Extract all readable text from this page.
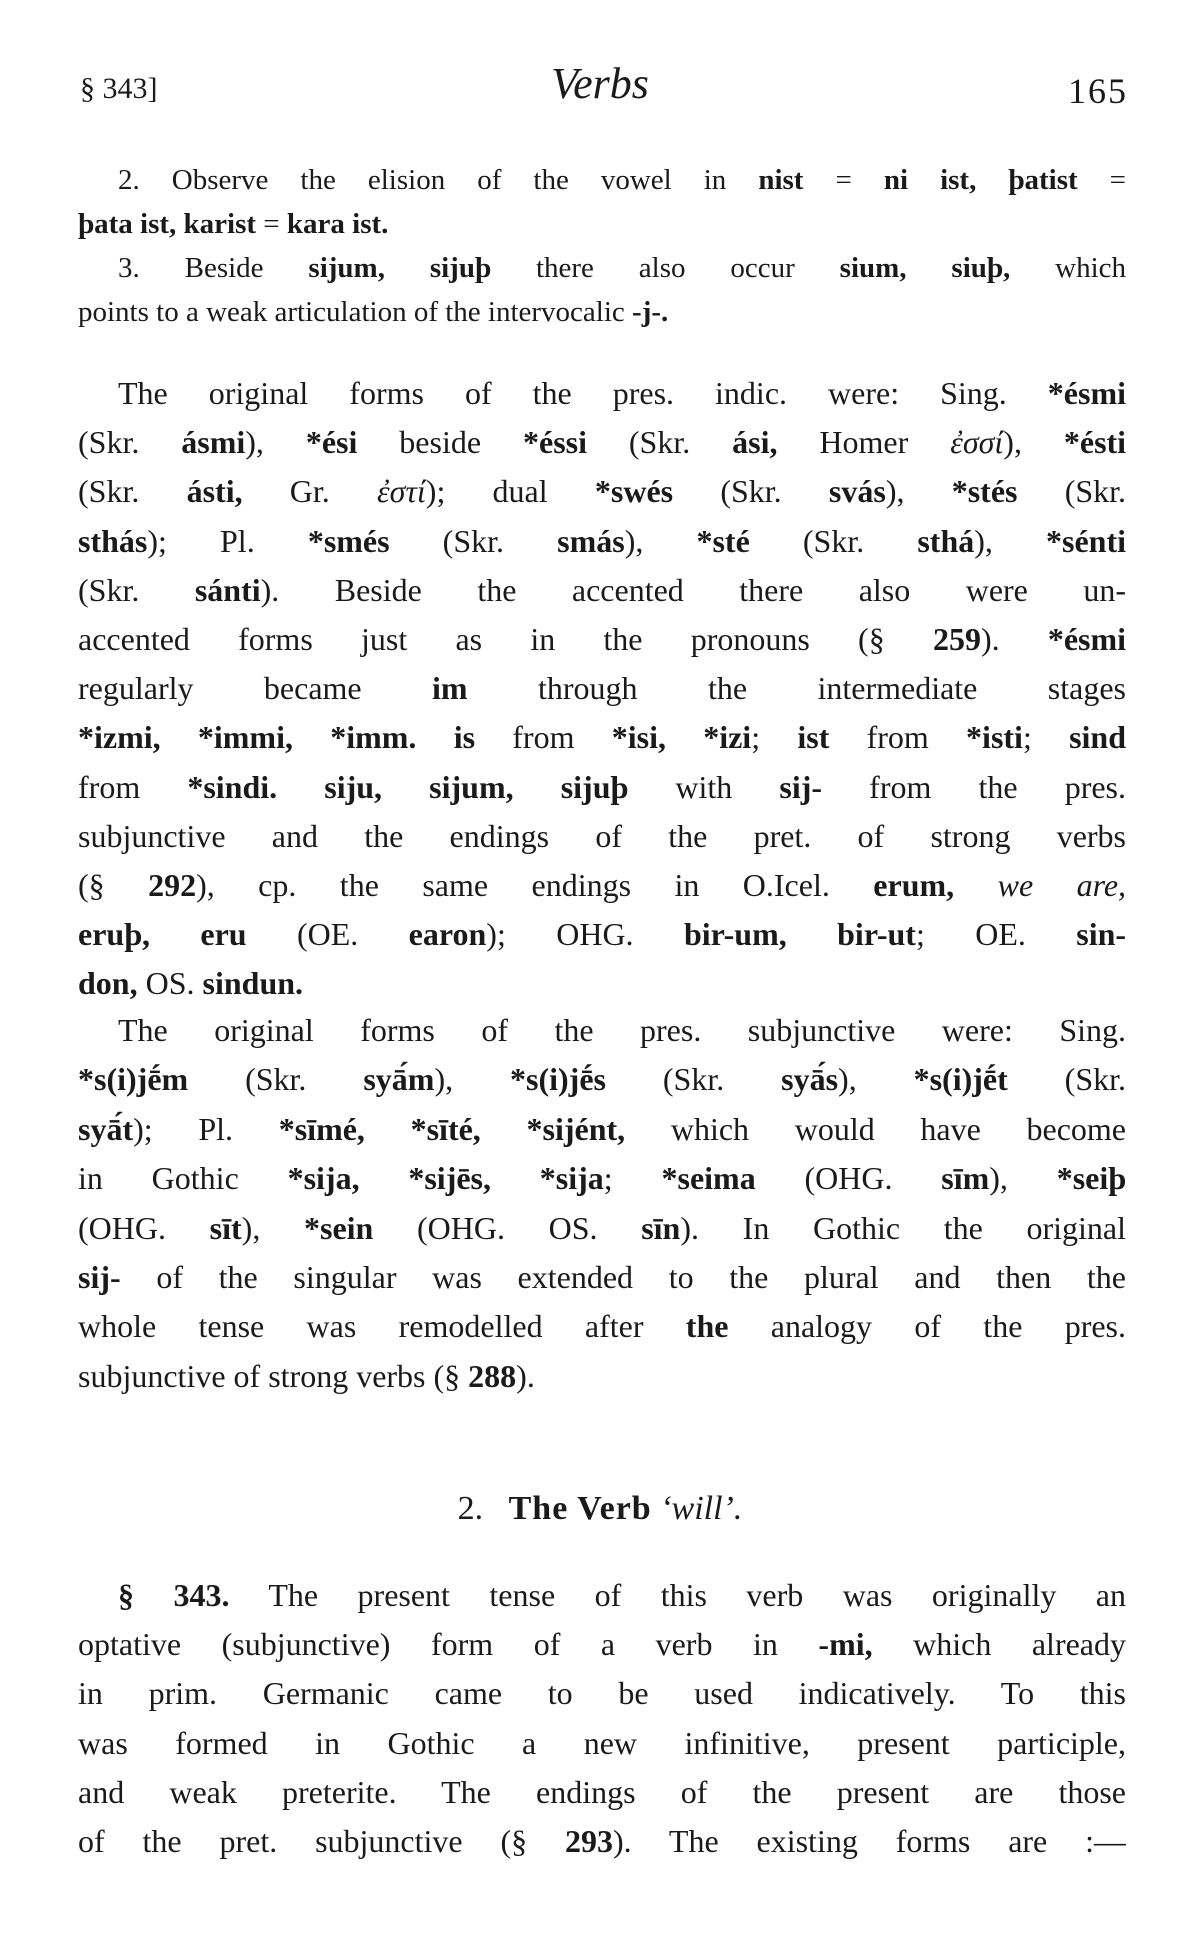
§ 343]	Verbs	165
2. Observe the elision of the vowel in nist = ni ist, þatist =
þata ist, karist = kara ist.
3. Beside sijum, sijuþ there also occur sium, siuþ, which
points to a weak articulation of the intervocalic -j-.
The original forms of the pres. indic. were: Sing. *ésmi
(Skr. ásmi), *ési beside *éssi (Skr. ási, Homer ἐσσί), *ésti
(Skr. ásti, Gr. ἐστί); dual *swés (Skr. svás), *stés (Skr.
sthás); Pl. *smés (Skr. smás), *sté (Skr. sthá), *sénti
(Skr. sánti). Beside the accented there also were un-
accented forms just as in the pronouns (§ 259). *ésmi
regularly became im through the intermediate stages
*izmi, *immi, *imm. is from *isi, *izi; ist from *isti; sind
from *sindi. siju, sijum, sijuþ with sij- from the pres.
subjunctive and the endings of the pret. of strong verbs
(§ 292), cp. the same endings in O.Icel. erum, we are,
eruþ, eru (OE. earon); OHG. bir-um, bir-ut; OE. sin-
don, OS. sindun.
The original forms of the pres. subjunctive were: Sing.
*s(i)jḗm (Skr. syā́m), *s(i)jḗs (Skr. syā́s), *s(i)jḗt (Skr.
syā́t); Pl. *sīmé, *sīté, *sijént, which would have become
in Gothic *sija, *sijēs, *sija; *seima (OHG. sīm), *seiþ
(OHG. sīt), *sein (OHG. OS. sīn). In Gothic the original
sij- of the singular was extended to the plural and then the
whole tense was remodelled after the analogy of the pres.
subjunctive of strong verbs (§ 288).
§ 343. The present tense of this verb was originally an
optative (subjunctive) form of a verb in -mi, which already
in prim. Germanic came to be used indicatively. To this
was formed in Gothic a new infinitive, present participle,
and weak preterite. The endings of the present are those
of the pret. subjunctive (§ 293). The existing forms are :—
2. The Verb ‘will’.
